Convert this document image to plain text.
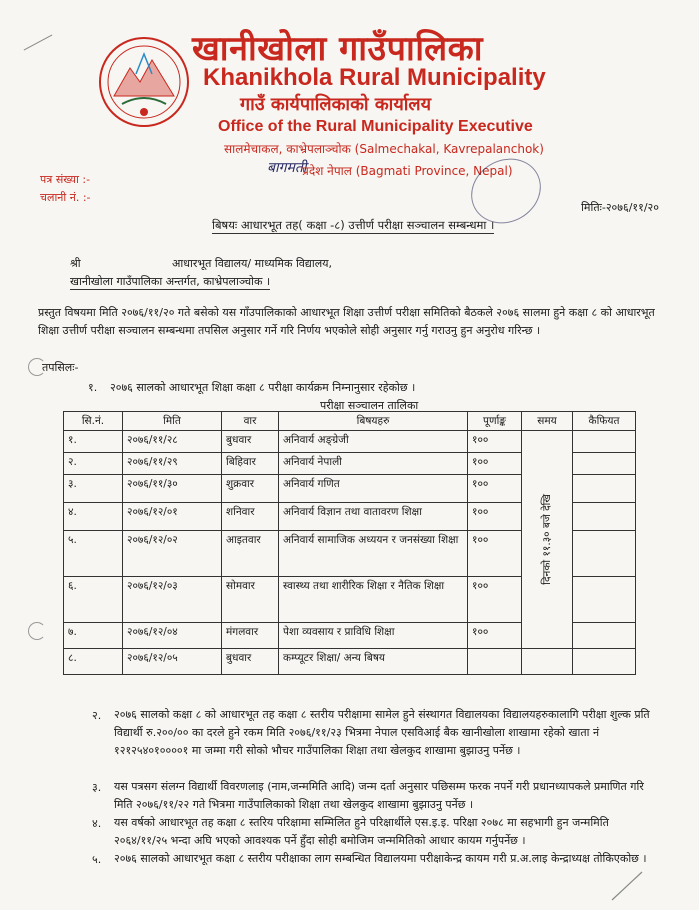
खानीखोला गाउँपालिका
Khanikhola Rural Municipality
गाउँ कार्यपालिकाको कार्यालय
Office of the Rural Municipality Executive
सालमेचाकल, काभ्रेपलाञ्चोक (Salmechakal, Kavrepalanchok)
बागमती
प्रदेश नेपाल (Bagmati Province, Nepal)
पत्र संख्या :-
चलानी नं. :-
मितिः-२०७६/११/२०
बिषयः आधारभूत तह( कक्षा -८) उत्तीर्ण परीक्षा सञ्चालन सम्बन्धमा ।
श्री	आधारभूत विद्यालय/ माध्यमिक विद्यालय,
खानीखोला गाउँपालिका अन्तर्गत, काभ्रेपलाञ्चोक ।
प्रस्तुत विषयमा मिति २०७६/११/२० गते बसेको यस गाँउपालिकाको आधारभूत शिक्षा उत्तीर्ण परीक्षा समितिको बैठकले २०७६ सालमा हुने कक्षा ८ को आधारभूत शिक्षा उत्तीर्ण परीक्षा सञ्चालन सम्बन्धमा तपसिल अनुसार गर्ने गरि निर्णय भएकोले सोही अनुसार गर्नु गराउनु हुन अनुरोध गरिन्छ ।
तपसिलः-
१. २०७६ सालको आधारभूत शिक्षा कक्षा ८ परीक्षा कार्यक्रम निम्नानुसार रहेकोछ ।
परीक्षा सञ्चालन तालिका
सि.नं.	मिति	वार	बिषयहरु	पूर्णाङ्क	समय	कैफियत
१.	२०७६/११/२८	बुधवार	अनिवार्य अङ्ग्रेजी	१००	दिनको ११.३० बजे देखि	

२.	२०७६/११/२९	बिहिवार	अनिवार्य नेपाली	१००		
३.	२०७६/११/३०	शुक्रवार	अनिवार्य गणित	१००		
४.	२०७६/१२/०१	शनिवार	अनिवार्य विज्ञान तथा वातावरण शिक्षा	१००		
५.	२०७६/१२/०२	आइतवार	अनिवार्य सामाजिक अध्ययन र जनसंख्या शिक्षा	१००		
६.	२०७६/१२/०३	सोमवार	स्वास्थ्य तथा शारीरिक शिक्षा र नैतिक शिक्षा	१००		
७.	२०७६/१२/०४	मंगलवार	पेशा व्यवसाय र प्राविधि शिक्षा	१००		
८.	२०७६/१२/०५	बुधवार	कम्प्यूटर शिक्षा/ अन्य बिषय			
२. २०७६ सालको कक्षा ८ को आधारभूत तह कक्षा ८ स्तरीय परीक्षामा सामेल हुने संस्थागत विद्यालयका विद्यालयहरुकालागि परीक्षा शुल्क प्रति विद्यार्थी रु.२००/०० का दरले हुने रकम मिति २०७६/११/२३ भित्रमा नेपाल एसविआई बैक खानीखोला शाखामा रहेको खाता नं १२१२५४०१००००१ मा जम्मा गरी सोको भौचर गाउँपालिका शिक्षा तथा खेलकुद शाखामा बुझाउनु पर्नेछ ।
३. यस पत्रसग संलग्न विद्यार्थी विवरणलाइ (नाम,जन्ममिति आदि) जन्म दर्ता अनुसार पछिसम्म फरक नपर्ने गरी प्रधानध्यापकले प्रमाणित गरि मिति २०७६/११/२२ गते भित्रमा गाउँपालिकाको शिक्षा तथा खेलकुद शाखामा बुझाउनु पर्नेछ ।
४. यस वर्षको आधारभूत तह कक्षा ८ स्तरिय परिक्षामा सम्मिलित हुने परिक्षार्थीले एस.इ.इ. परिक्षा २०७८ मा सहभागी हुन जन्ममिति २०६४/११/२५ भन्दा अघि भएको आवश्यक पर्ने हुँदा सोही बमोजिम जन्ममितिको आधार कायम गर्नुपर्नेछ ।
५. २०७६ सालको आधारभूत कक्षा ८ स्तरीय परीक्षाका लाग सम्बन्धित विद्यालयमा परीक्षाकेन्द्र कायम गरी प्र.अ.लाइ केन्द्राध्यक्ष तोकिएकोछ ।
